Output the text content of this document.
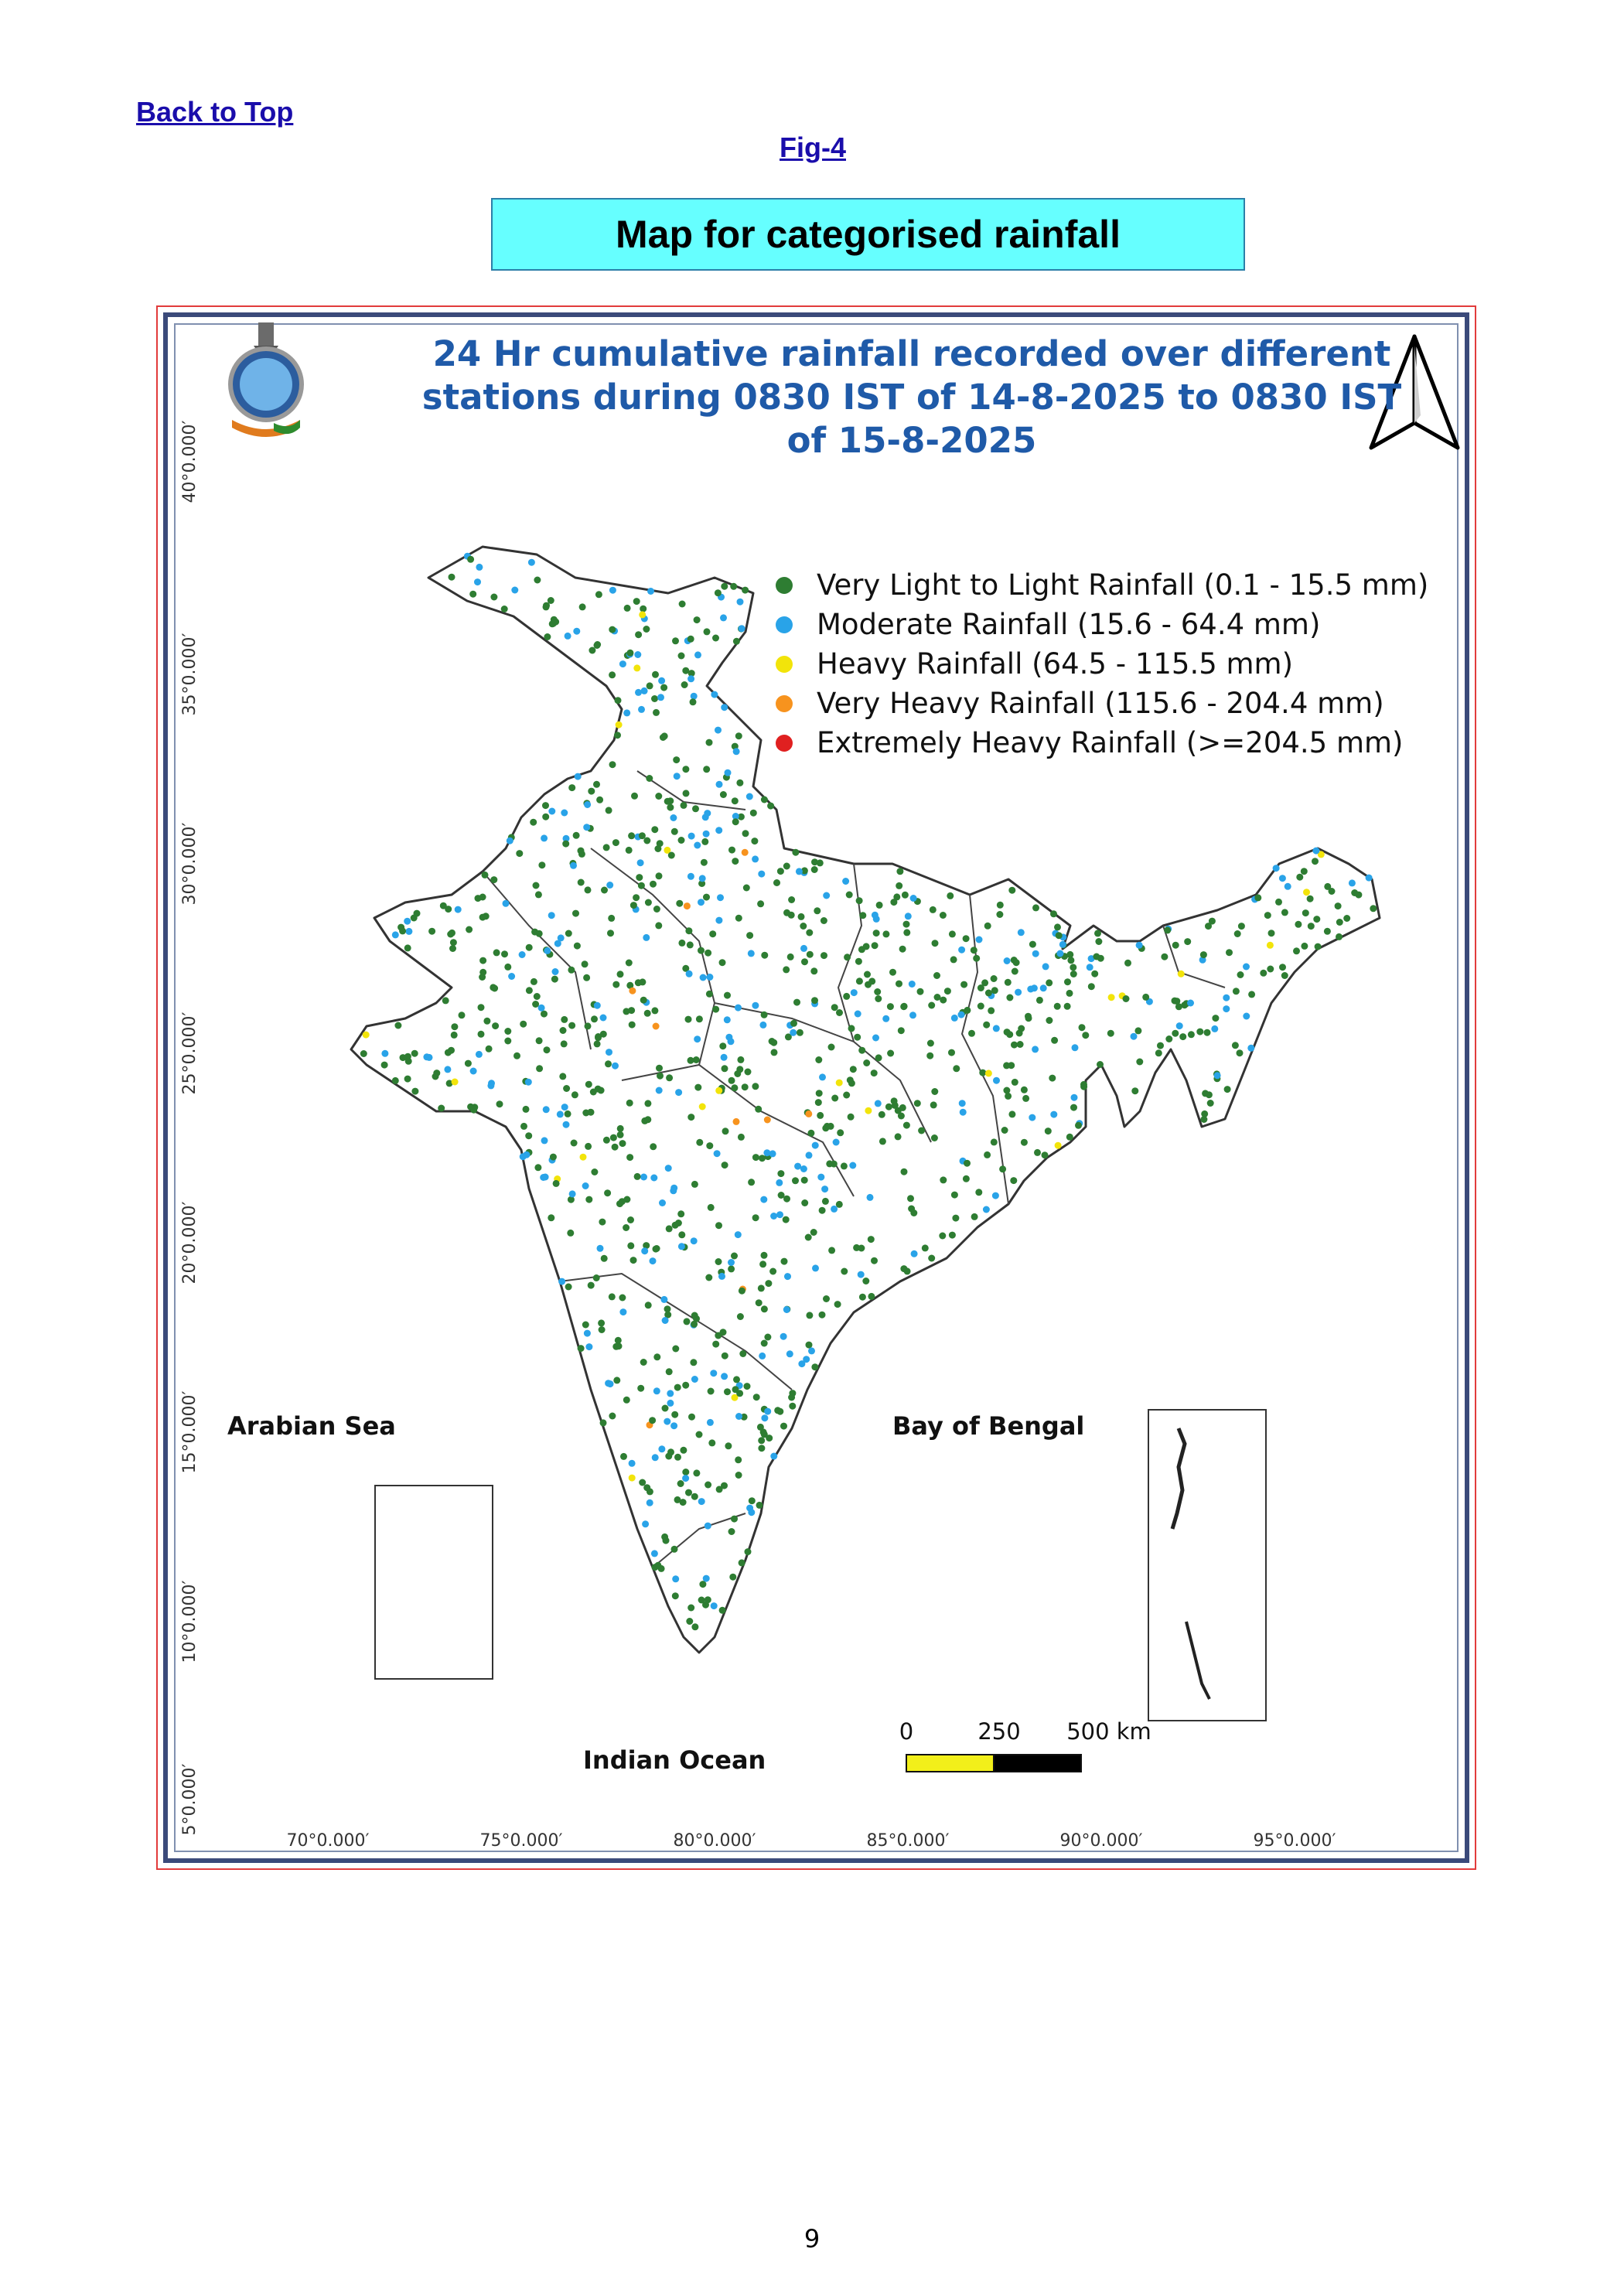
Back to Top
Fig-4
Map for categorised rainfall
24 Hr cumulative rainfall recorded over different
stations during 0830 IST of 14-8-2025 to 0830 IST
of 15-8-2025
Very Light to Light Rainfall (0.1 - 15.5 mm)
Moderate Rainfall (15.6 - 64.4 mm)
Heavy Rainfall (64.5 - 115.5 mm)
Very Heavy Rainfall (115.6 - 204.4 mm)
Extremely Heavy Rainfall (>=204.5 mm)
Arabian Sea	Bay of Bengal
Indian Ocean
0	250 500 km
5°0.000′
10°0.000′
15°0.000′
20°0.000′
25°0.000′
30°0.000′
35°0.000′
40°0.000′
70°0.000′	75°0.000′	80°0.000′	85°0.000′	90°0.000′	95°0.000′
9
